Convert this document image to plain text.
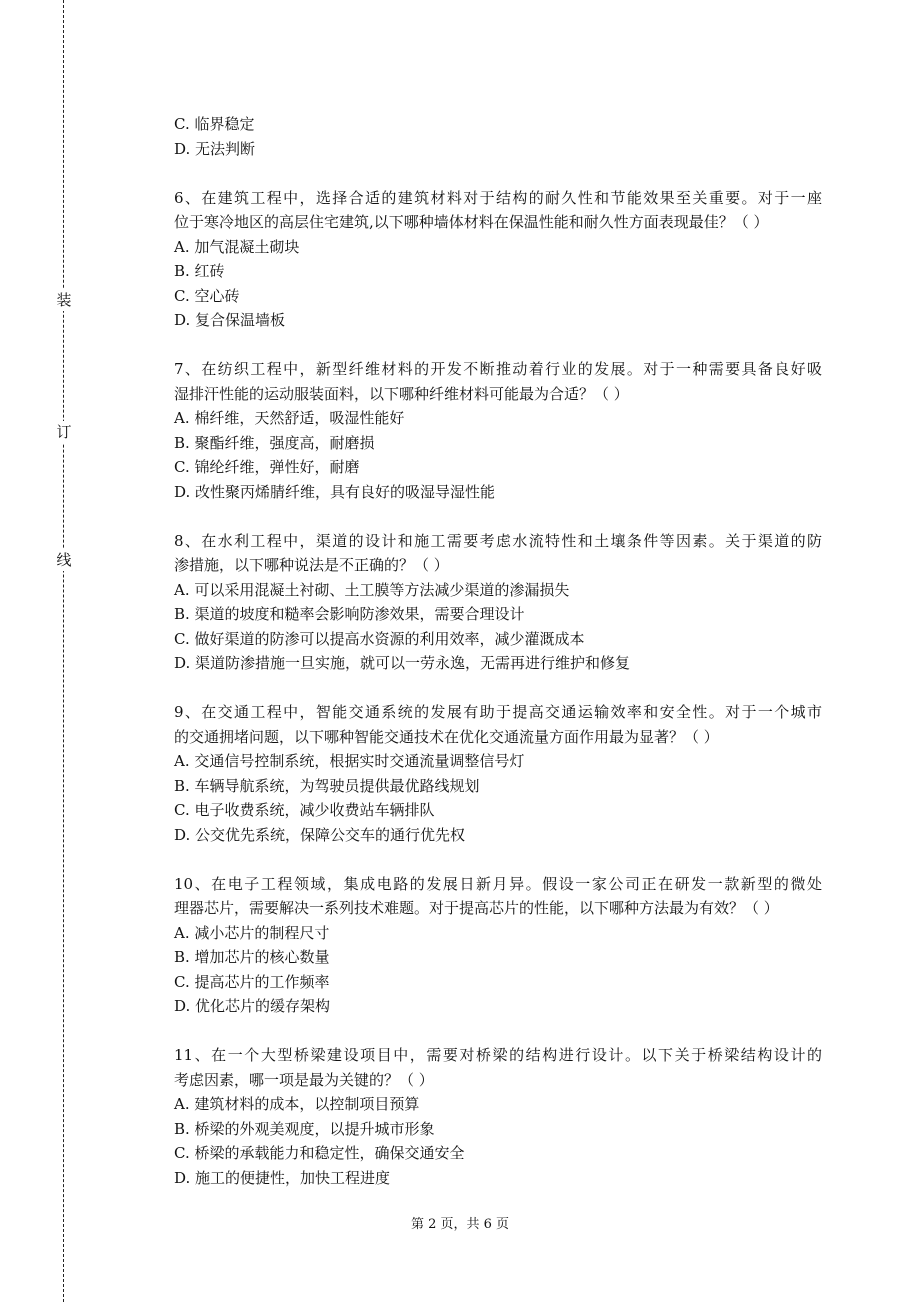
装
订
线
C. 临界稳定
D. 无法判断
6、在建筑工程中，选择合适的建筑材料对于结构的耐久性和节能效果至关重要。对于一座
位于寒冷地区的高层住宅建筑,以下哪种墙体材料在保温性能和耐久性方面表现最佳？（ ）
A. 加气混凝土砌块
B. 红砖
C. 空心砖
D. 复合保温墙板
7、在纺织工程中，新型纤维材料的开发不断推动着行业的发展。对于一种需要具备良好吸
湿排汗性能的运动服装面料，以下哪种纤维材料可能最为合适？（ ）
A. 棉纤维，天然舒适，吸湿性能好
B. 聚酯纤维，强度高，耐磨损
C. 锦纶纤维，弹性好，耐磨
D. 改性聚丙烯腈纤维，具有良好的吸湿导湿性能
8、在水利工程中，渠道的设计和施工需要考虑水流特性和土壤条件等因素。关于渠道的防
渗措施，以下哪种说法是不正确的？（ ）
A. 可以采用混凝土衬砌、土工膜等方法减少渠道的渗漏损失
B. 渠道的坡度和糙率会影响防渗效果，需要合理设计
C. 做好渠道的防渗可以提高水资源的利用效率，减少灌溉成本
D. 渠道防渗措施一旦实施，就可以一劳永逸，无需再进行维护和修复
9、在交通工程中，智能交通系统的发展有助于提高交通运输效率和安全性。对于一个城市
的交通拥堵问题，以下哪种智能交通技术在优化交通流量方面作用最为显著？（ ）
A. 交通信号控制系统，根据实时交通流量调整信号灯
B. 车辆导航系统，为驾驶员提供最优路线规划
C. 电子收费系统，减少收费站车辆排队
D. 公交优先系统，保障公交车的通行优先权
10、在电子工程领域，集成电路的发展日新月异。假设一家公司正在研发一款新型的微处
理器芯片，需要解决一系列技术难题。对于提高芯片的性能，以下哪种方法最为有效？（ ）
A. 减小芯片的制程尺寸
B. 增加芯片的核心数量
C. 提高芯片的工作频率
D. 优化芯片的缓存架构
11、在一个大型桥梁建设项目中，需要对桥梁的结构进行设计。以下关于桥梁结构设计的
考虑因素，哪一项是最为关键的？（ ）
A. 建筑材料的成本，以控制项目预算
B. 桥梁的外观美观度，以提升城市形象
C. 桥梁的承载能力和稳定性，确保交通安全
D. 施工的便捷性，加快工程进度
第 2 页，共 6 页
